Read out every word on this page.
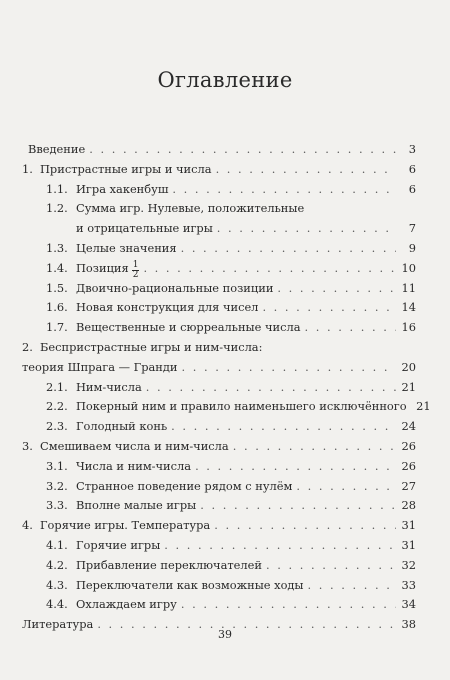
Оглавление
Введение . . .	3
1. Пристрастные игры и числа . . .	6
1.1. Игра хакенбуш . . .	6
1.2. Сумма игр. Нулевые, положительные
и отрицательные игры . . .	7
1.3. Целые значения . . .	9
1.4. Позиция $\frac{1}{2}$ . . .	10
1.5. Двоично-рациональные позиции . . .	11
1.6. Новая конструкция для чисел . . .	14
1.7. Вещественные и сюрреальные числа . . .	16
2. Беспристрастные игры и ним-числа:
теория Шпрага — Гранди . . .	20
2.1. Ним-числа . . .	21
2.2. Покерный ним и правило наименьшего исключённого 21
2.3. Голодный конь . . .	24
3. Смешиваем числа и ним-числа . . .	26
3.1. Числа и ним-числа . . .	26
3.2. Странное поведение рядом с нулём . . .	27
3.3. Вполне малые игры . . .	28
4. Горячие игры. Температура . . .	31
4.1. Горячие игры . . .	31
4.2. Прибавление переключателей . . .	32
4.3. Переключатели как возможные ходы . . .	33
4.4. Охлаждаем игру . . .	34
Литература . . .	38
39
